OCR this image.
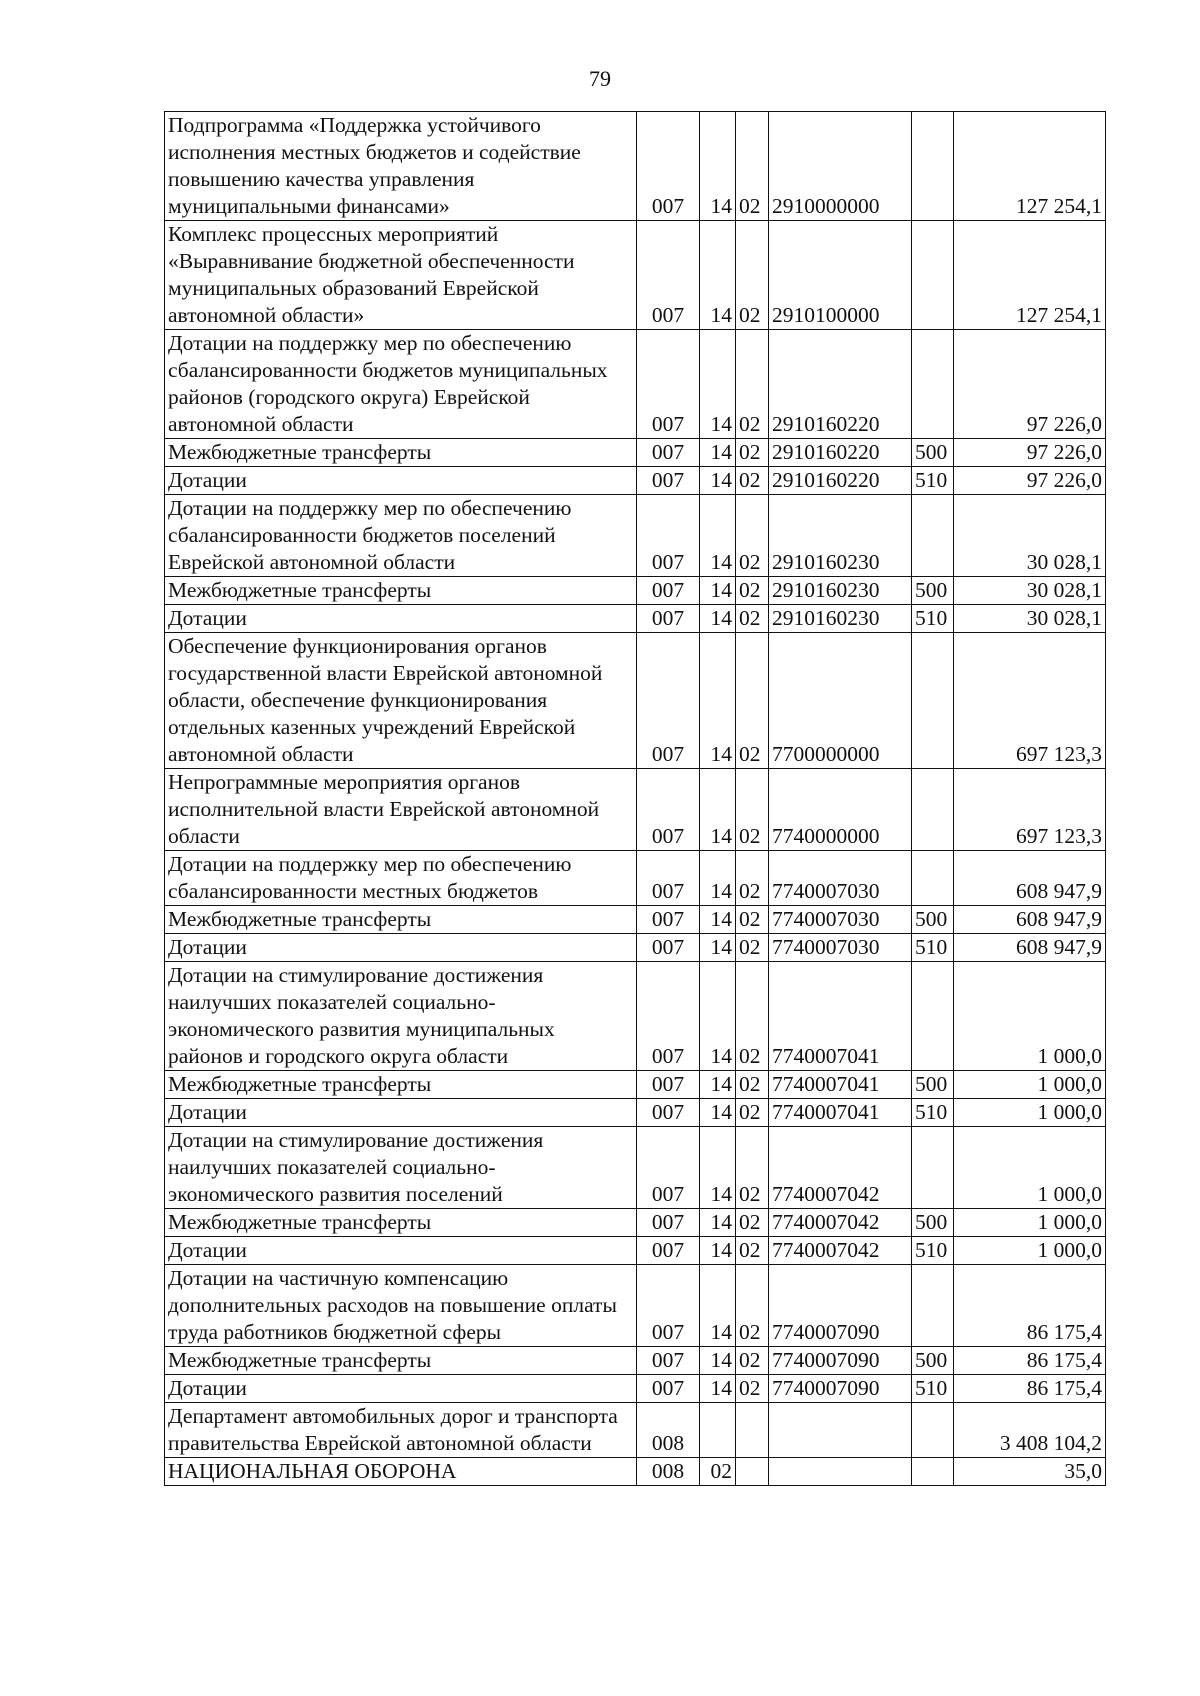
79
Подпрограмма «Поддержка устойчивого исполнения местных бюджетов и содействие повышению качества управления муниципальными финансами»	007	14	02	2910000000		127 254,1
Комплекс процессных мероприятий «Выравнивание бюджетной обеспеченности муниципальных образований Еврейской автономной области»	007	14	02	2910100000		127 254,1
Дотации на поддержку мер по обеспечению сбалансированности бюджетов муниципальных районов (городского округа) Еврейской автономной области	007	14	02	2910160220		97 226,0
Межбюджетные трансферты	007	14	02	2910160220	500	97 226,0
Дотации	007	14	02	2910160220	510	97 226,0
Дотации на поддержку мер по обеспечению сбалансированности бюджетов поселений Еврейской автономной области	007	14	02	2910160230		30 028,1
Межбюджетные трансферты	007	14	02	2910160230	500	30 028,1
Дотации	007	14	02	2910160230	510	30 028,1
Обеспечение функционирования органов государственной власти Еврейской автономной области, обеспечение функционирования отдельных казенных учреждений Еврейской автономной области	007	14	02	7700000000		697 123,3
Непрограммные мероприятия органов исполнительной власти Еврейской автономной области	007	14	02	7740000000		697 123,3
Дотации на поддержку мер по обеспечению сбалансированности местных бюджетов	007	14	02	7740007030		608 947,9
Межбюджетные трансферты	007	14	02	7740007030	500	608 947,9
Дотации	007	14	02	7740007030	510	608 947,9
Дотации на стимулирование достижения наилучших показателей социально-экономического развития муниципальных районов и городского округа области	007	14	02	7740007041		1 000,0
Межбюджетные трансферты	007	14	02	7740007041	500	1 000,0
Дотации	007	14	02	7740007041	510	1 000,0
Дотации на стимулирование достижения наилучших показателей социально-экономического развития поселений	007	14	02	7740007042		1 000,0
Межбюджетные трансферты	007	14	02	7740007042	500	1 000,0
Дотации	007	14	02	7740007042	510	1 000,0
Дотации на частичную компенсацию дополнительных расходов на повышение оплаты труда работников бюджетной сферы	007	14	02	7740007090		86 175,4
Межбюджетные трансферты	007	14	02	7740007090	500	86 175,4
Дотации	007	14	02	7740007090	510	86 175,4
Департамент автомобильных дорог и транспорта правительства Еврейской автономной области	008					3 408 104,2
НАЦИОНАЛЬНАЯ ОБОРОНА	008	02				35,0
